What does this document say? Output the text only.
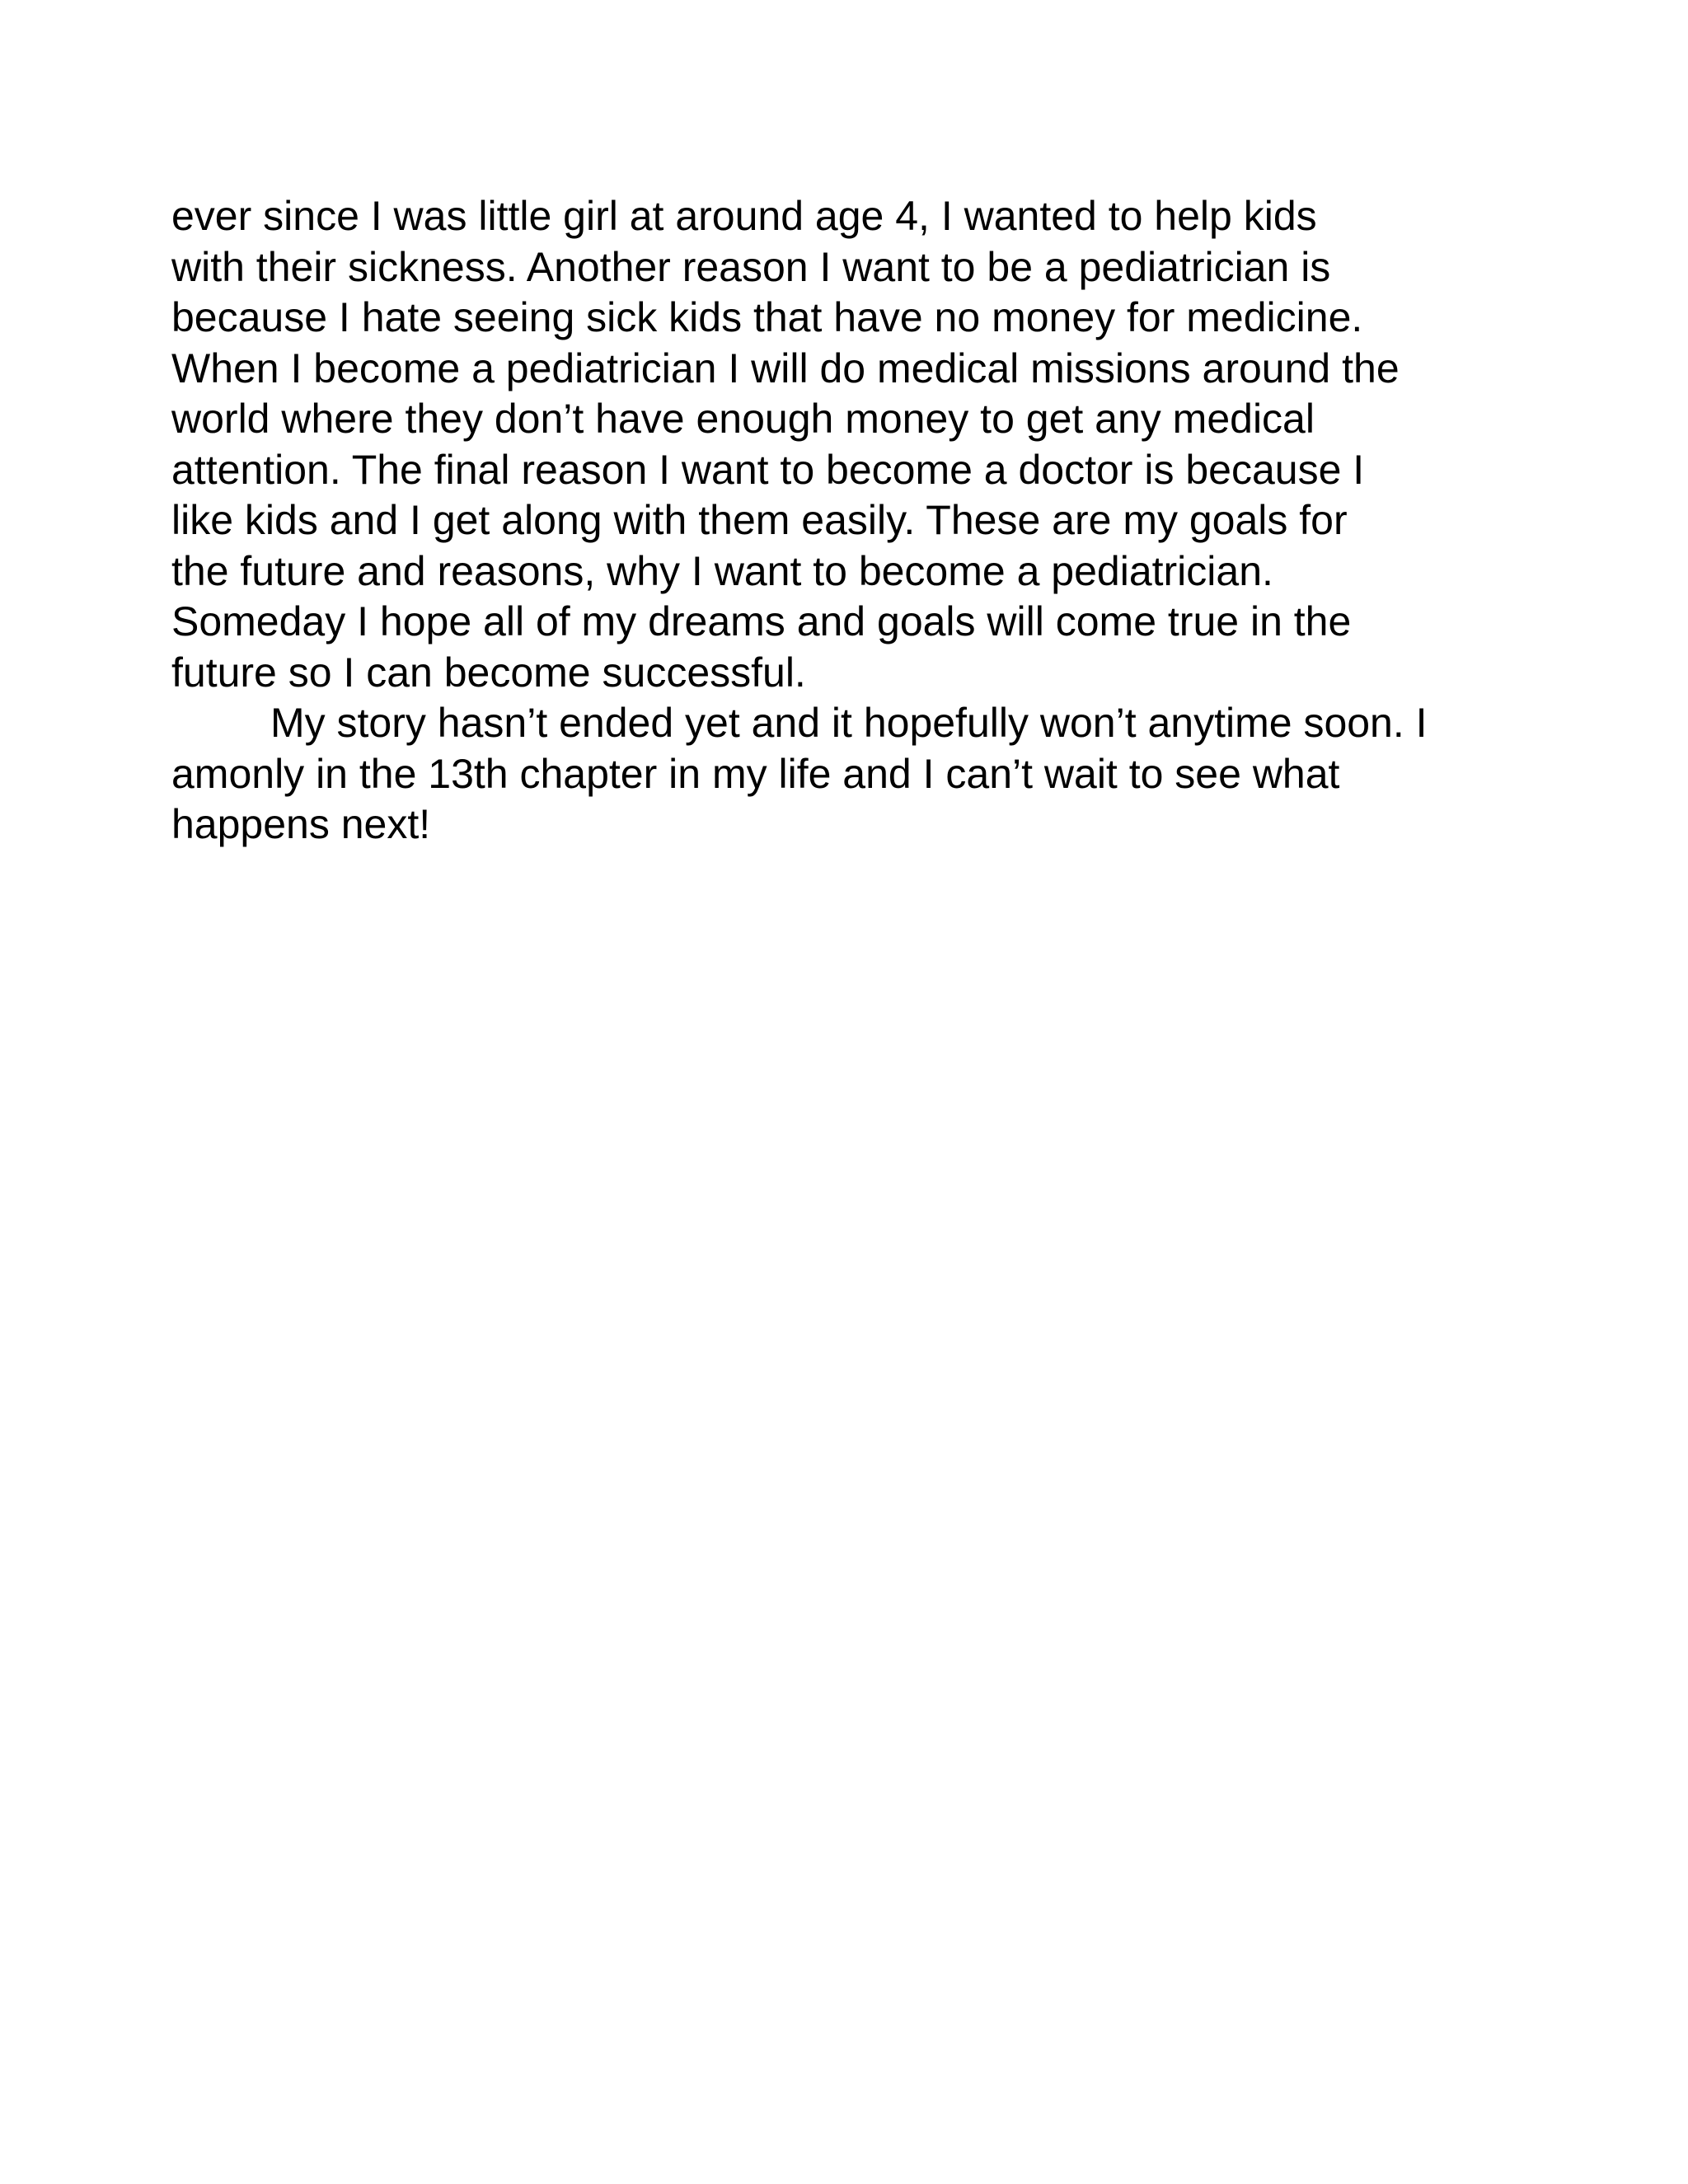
ever since I was little girl at around age 4, I wanted to help kids
with their sickness. Another reason I want to be a pediatrician is
because I hate seeing sick kids that have no money for medicine.
When I become a pediatrician I will do medical missions around the
world where they don’t have enough money to get any medical
attention. The final reason I want to become a doctor is because I
like kids and I get along with them easily. These are my goals for
the future and reasons, why I want to become a pediatrician.
Someday I hope all of my dreams and goals will come true in the
future so I can become successful.
My story hasn’t ended yet and it hopefully won’t anytime soon. I
amonly in the 13th chapter in my life and I can’t wait to see what
happens next!
